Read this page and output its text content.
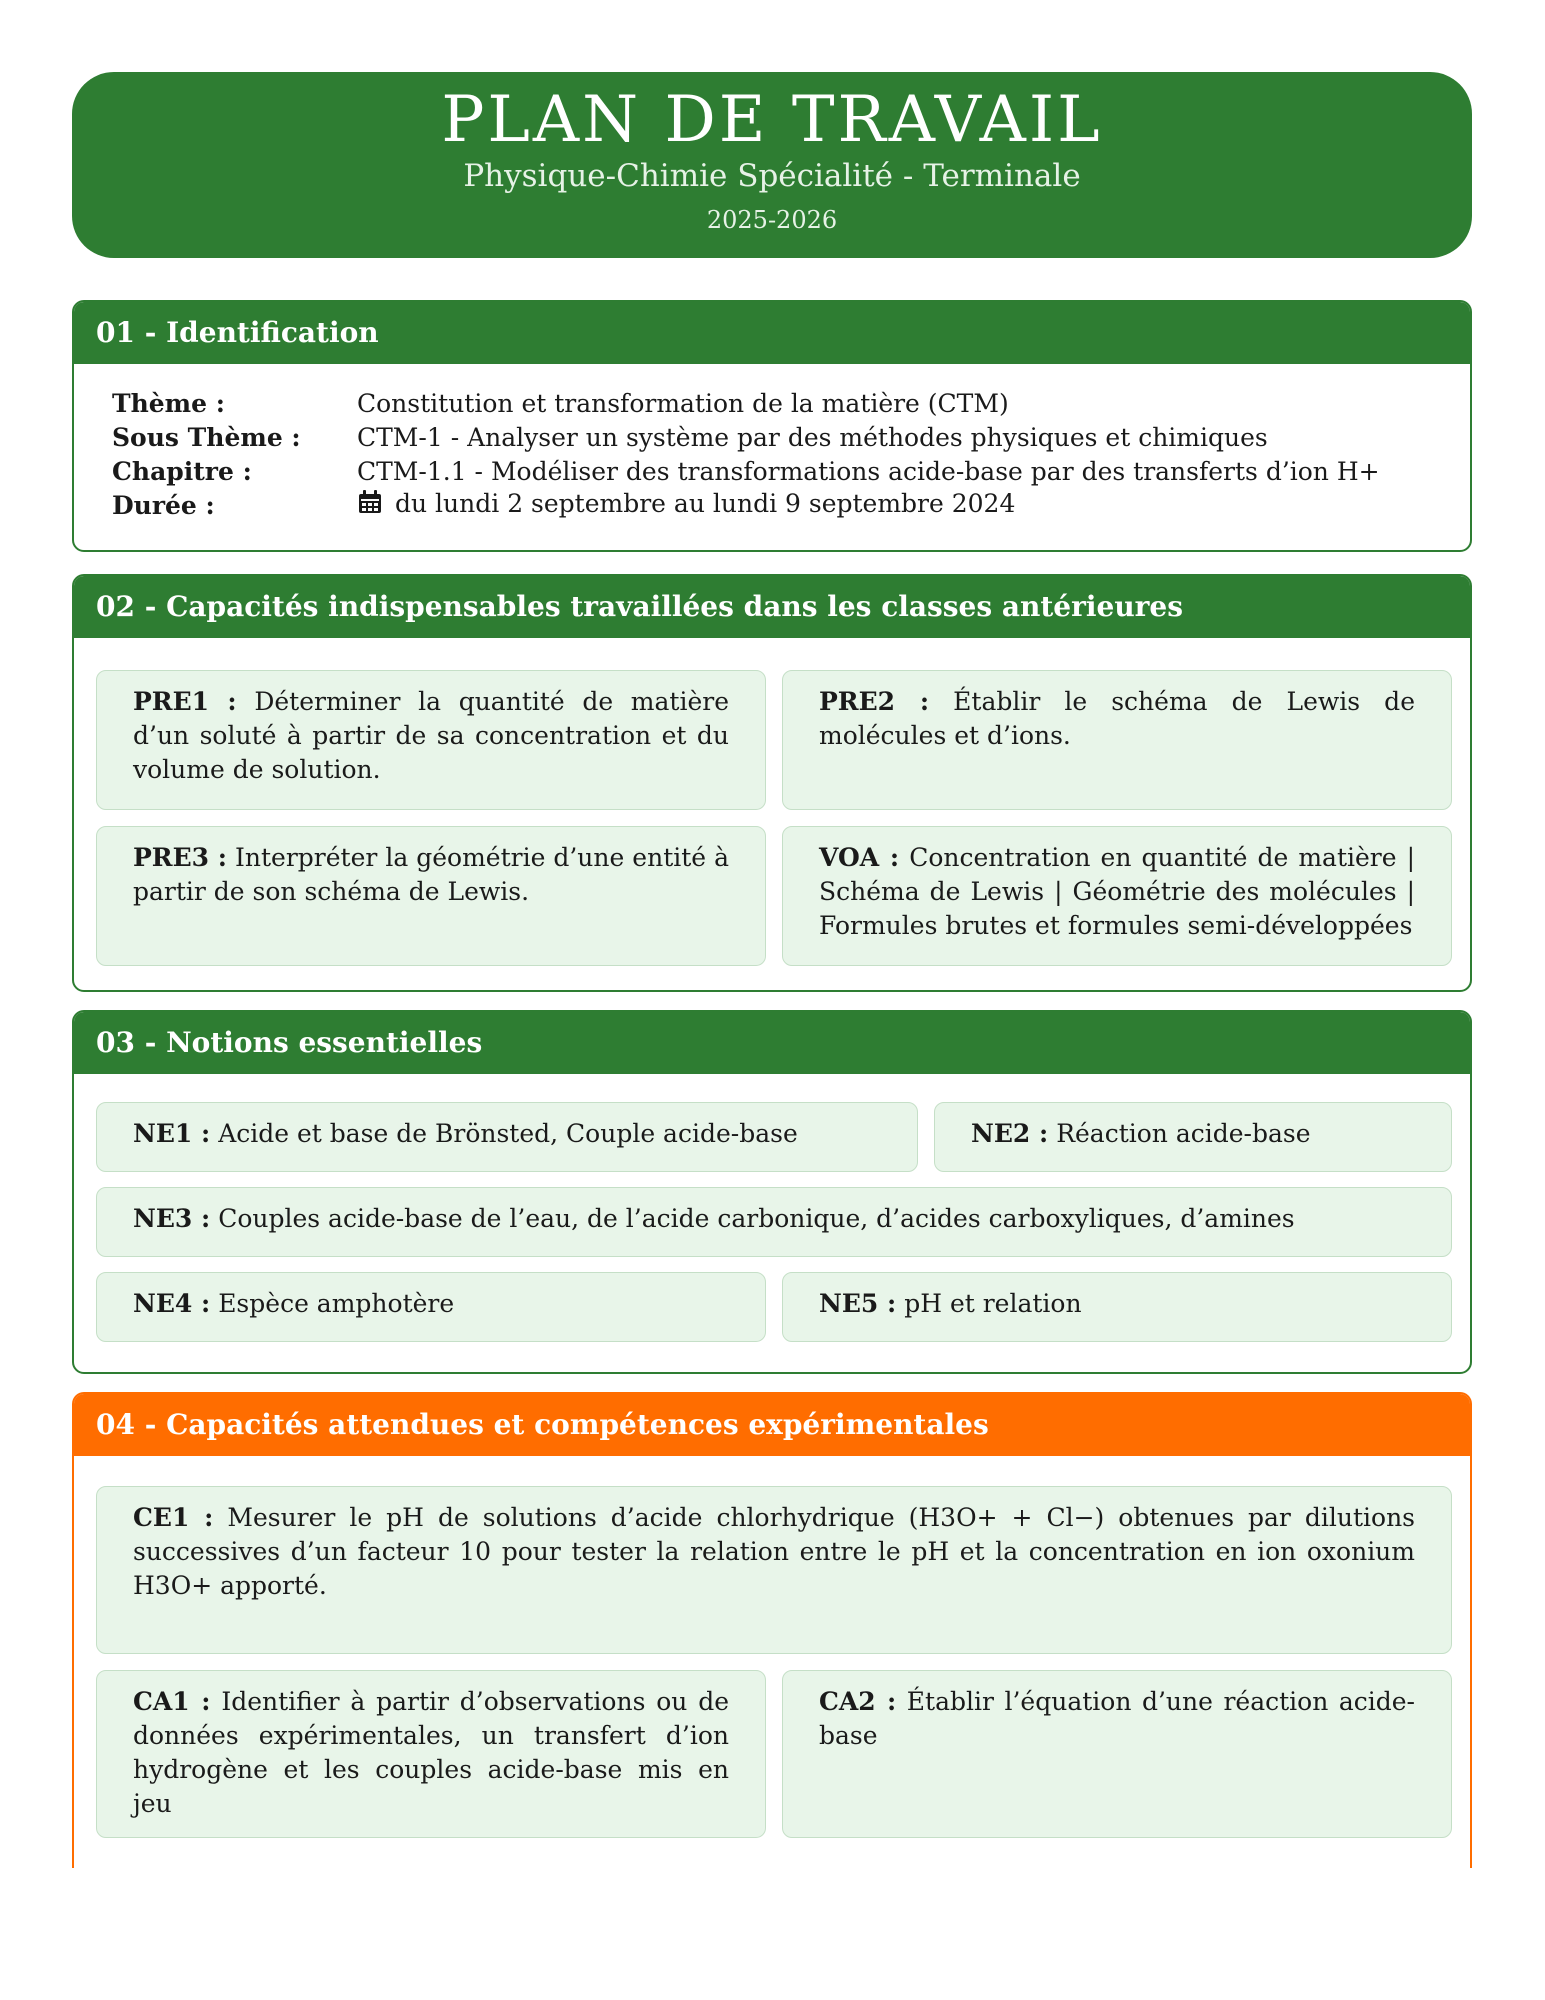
PLAN DE TRAVAIL
Physique-Chimie Spécialité - Terminale
2025-2026
01 - Identification
Thème :	Constitution et transformation de la matière (CTM)
Sous Thème :	CTM-1 - Analyser un système par des méthodes physiques et chimiques
Chapitre :	CTM-1.1 - Modéliser des transformations acide-base par des transferts d’ion H+
Durée :	du lundi 2 septembre au lundi 9 septembre 2024
02 - Capacités indispensables travaillées dans les classes antérieures
PRE1 : Déterminer la quantité de matière d’un soluté à partir de sa concentration et du volume de solution.
PRE2 : Établir le schéma de Lewis de molécules et d’ions.
PRE3 : Interpréter la géométrie d’une entité à partir de son schéma de Lewis.
VOA : Concentration en quantité de matière | Schéma de Lewis | Géométrie des molécules | Formules brutes et formules semi-développées
03 - Notions essentielles
NE1 : Acide et base de Brönsted, Couple acide-base	NE2 : Réaction acide-base
NE3 : Couples acide-base de l’eau, de l’acide carbonique, d’acides carboxyliques, d’amines
NE4 : Espèce amphotère	NE5 : pH et relation
04 - Capacités attendues et compétences expérimentales
CE1 : Mesurer le pH de solutions d’acide chlorhydrique (H3O+ + Cl−) obtenues par dilutions successives d’un facteur 10 pour tester la relation entre le pH et la concentration en ion oxonium H3O+ apporté.
CA1 : Identifier à partir d’observations ou de données expérimentales, un transfert d’ion hydrogène et les couples acide-base mis en jeu
CA2 : Établir l’équation d’une réaction acide-base
